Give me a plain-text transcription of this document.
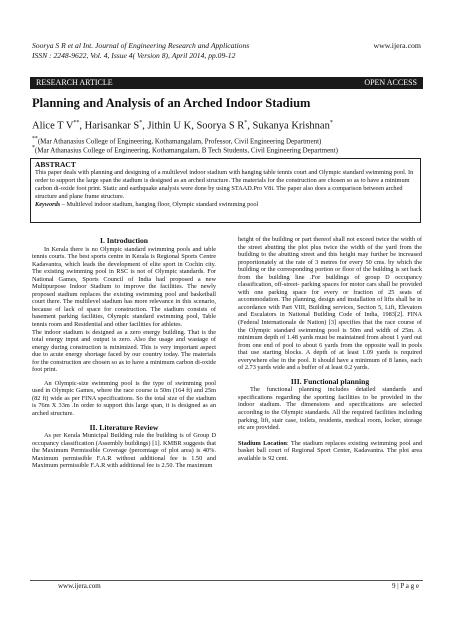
Soorya S R et al Int. Journal of Engineering Research and Applications
ISSN : 2248-9622, Vol. 4, Issue 4( Version 8), April 2014, pp.09-12
www.ijera.com
RESEARCH ARTICLE	OPEN ACCESS
Planning and Analysis of an Arched Indoor Stadium
Alice T V**, Harisankar S*, Jithin U K, Soorya S R*, Sukanya Krishnan*
**(Mar Athanasius College of Engineering, Kothamangalam, Professor, Civil Engineering Department)
*(Mar Athanasius College of Engineering, Kothamangalam, B Tech Students, Civil Engineering Department)
ABSTRACT
This paper deals with planning and designing of a multilevel indoor stadium with hanging table tennis court and Olympic standard swimming pool. In order to support the large span the stadium is designed as an arched structure. The materials for the construction are chosen so as to have a minimum carbon di-oxide foot print. Static and earthquake analysis were done by using STAAD.Pro V8i. The paper also does a comparison between arched structure and plane frame structure.
Keywords – Multilevel indoor stadium, hanging floor, Olympic standard swimming pool
I. Introduction

In Kerala there is no Olympic standard swimming pools and table tennis courts. The best sports centre in Kerala is Regional Sports Centre Kadavantra, which leads the development of elite sport in Cochin city. The existing swimming pool in RSC is not of Olympic standards. For National Games, Sports Council of India had proposed a new Multipurpose Indoor Stadium to improve the facilities. The newly proposed stadium replaces the existing swimming pool and basketball court there. The multilevel stadium has more relevance in this scenario, because of lack of space for construction. The stadium consists of basement parking facilities, Olympic standard swimming pool, Table tennis room and Residential and other facilities for athletes.

The indoor stadium is designed as a zero energy building. That is the total energy input and output is zero. Also the usage and wastage of energy during construction is minimized. This is very important aspect due to acute energy shortage faced by our country today. The materials for the construction are chosen so as to have a minimum carbon di-oxide foot print.

An Olympic-size swimming pool is the type of swimming pool used in Olympic Games, where the race course is 50m (164 ft) and 25m (82 ft) wide as per FINA specifications. So the total size of the stadium is 76m X 33m .In order to support this large span, it is designed as an arched structure.

II. Literature Review

As per Kerala Municipal Building rule the building is of Group D occupancy classification (Assembly buildings) [1]. KMBR suggests that the Maximum Permissible Coverage (percentage of plot area) is 40%. Maximum permissible F.A.R without additional fee is 1.50 and Maximum permissible F.A.R with additional fee is 2.50. The maximum

height of the building or part thereof shall not exceed twice the width of the street abutting the plot plus twice the width of the yard from the building to the abutting street and this height may further be increased proportionately at the rate of 3 metres for every 50 cms. by which the building or the corresponding portion or floor of the building is set back from the building line .For buildings of group D occupancy classification, off-street- parking spaces for motor cars shall be provided with one parking space for every or fraction of 25 seats of accommodation. The planning, design and installation of lifts shall be in accordance with Part VIII, Building services, Section 5, Lift, Elevators and Escalators in National Building Code of India, 1983[2]. FINA (Federal Internationale de Nation) [3] specifies that the race course of the Olympic standard swimming pool is 50m and width of 25m. A minimum depth of 1.48 yards must be maintained from about 1 yard out from one end of pool to about 6 yards from the opposite wall in pools that use starting blocks. A depth of at least 1.09 yards is required everywhere else in the pool. It should have a minimum of 8 lanes, each of 2.73 yards wide and a buffer of at least 0.2 yards.

III. Functional planning

The functional planning includes detailed standards and specifications regarding the sporting facilities to be provided in the indoor stadium. The dimensions and specifications are selected according to the Olympic standards. All the required facilities including parking, lift, stair case, toilets, residents, medical room, locker, storage etc are provided.

Stadium Location: The stadium replaces existing swimming pool and basket ball court of Regional Sport Center, Kadavantra. The plot area available is 92 cent.

www.ijera.com	9 | P a g e
